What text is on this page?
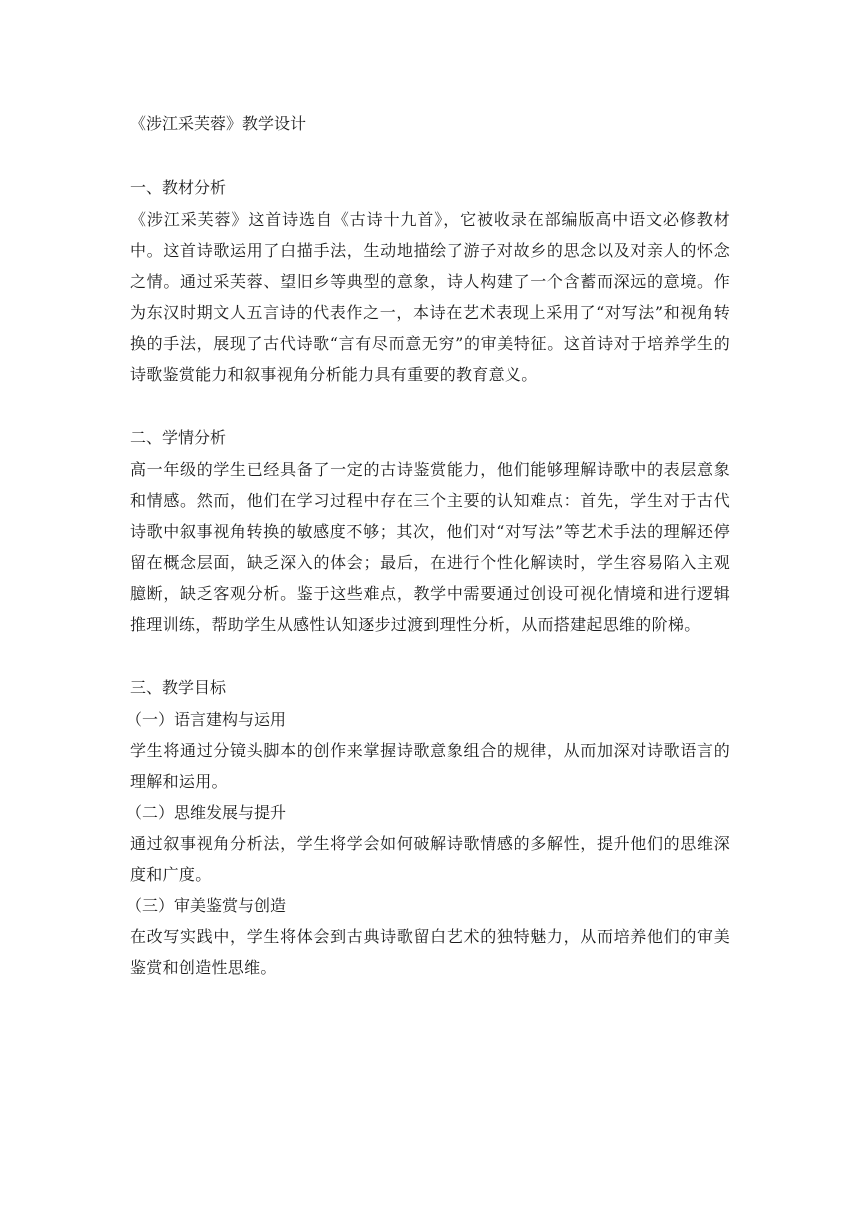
《涉江采芙蓉》教学设计

一、教材分析

《涉江采芙蓉》这首诗选自《古诗十九首》，它被收录在部编版高中语文必修教材中。这首诗歌运用了白描手法，生动地描绘了游子对故乡的思念以及对亲人的怀念之情。通过采芙蓉、望旧乡等典型的意象，诗人构建了一个含蓄而深远的意境。作为东汉时期文人五言诗的代表作之一，本诗在艺术表现上采用了“对写法”和视角转换的手法，展现了古代诗歌“言有尽而意无穷”的审美特征。这首诗对于培养学生的诗歌鉴赏能力和叙事视角分析能力具有重要的教育意义。

二、学情分析

高一年级的学生已经具备了一定的古诗鉴赏能力，他们能够理解诗歌中的表层意象和情感。然而，他们在学习过程中存在三个主要的认知难点：首先，学生对于古代诗歌中叙事视角转换的敏感度不够；其次，他们对“对写法”等艺术手法的理解还停留在概念层面，缺乏深入的体会；最后，在进行个性化解读时，学生容易陷入主观臆断，缺乏客观分析。鉴于这些难点，教学中需要通过创设可视化情境和进行逻辑推理训练，帮助学生从感性认知逐步过渡到理性分析，从而搭建起思维的阶梯。

三、教学目标

（一）语言建构与运用

学生将通过分镜头脚本的创作来掌握诗歌意象组合的规律，从而加深对诗歌语言的理解和运用。

（二）思维发展与提升

通过叙事视角分析法，学生将学会如何破解诗歌情感的多解性，提升他们的思维深度和广度。

（三）审美鉴赏与创造

在改写实践中，学生将体会到古典诗歌留白艺术的独特魅力，从而培养他们的审美鉴赏和创造性思维。
